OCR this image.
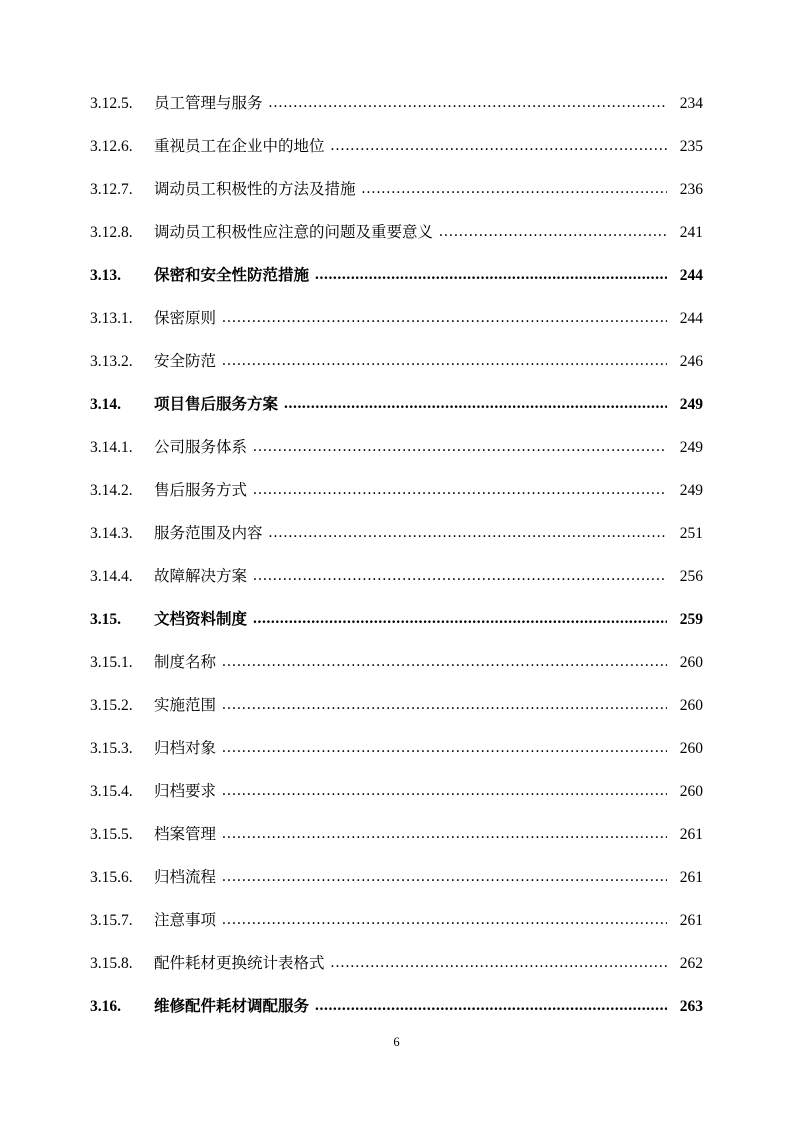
3.12.5.	员工管理与服务 .....	234
3.12.6.	重视员工在企业中的地位 .....	235
3.12.7.	调动员工积极性的方法及措施 .....	236
3.12.8.	调动员工积极性应注意的问题及重要意义 .....	241
3.13.	保密和安全性防范措施 .....	244
3.13.1.	保密原则 .....	244
3.13.2.	安全防范 .....	246
3.14.	项目售后服务方案 .....	249
3.14.1.	公司服务体系 .....	249
3.14.2.	售后服务方式 .....	249
3.14.3.	服务范围及内容 .....	251
3.14.4.	故障解决方案 .....	256
3.15.	文档资料制度 .....	259
3.15.1.	制度名称 .....	260
3.15.2.	实施范围 .....	260
3.15.3.	归档对象 .....	260
3.15.4.	归档要求 .....	260
3.15.5.	档案管理 .....	261
3.15.6.	归档流程 .....	261
3.15.7.	注意事项 .....	261
3.15.8.	配件耗材更换统计表格式 .....	262
3.16.	维修配件耗材调配服务 .....	263
6
